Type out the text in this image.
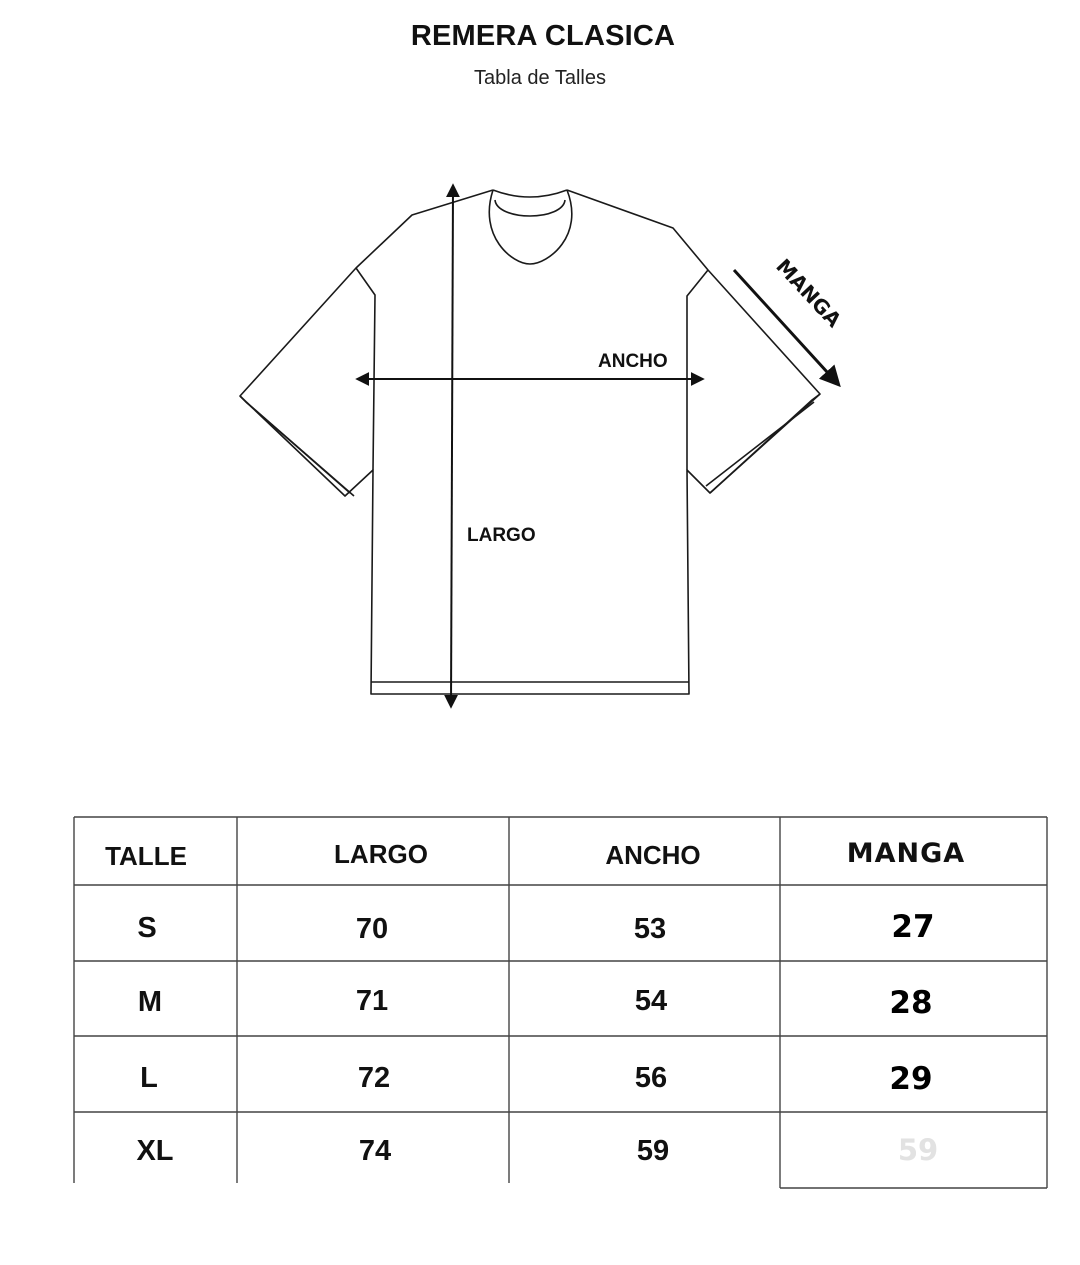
REMERA CLASICA
Tabla de Talles
ANCHO
LARGO
MANGA
TALLE	LARGO	ANCHO	MANGA
S	70	53	27
M	71	54	28
L	72	56	29
XL	74	59	59
